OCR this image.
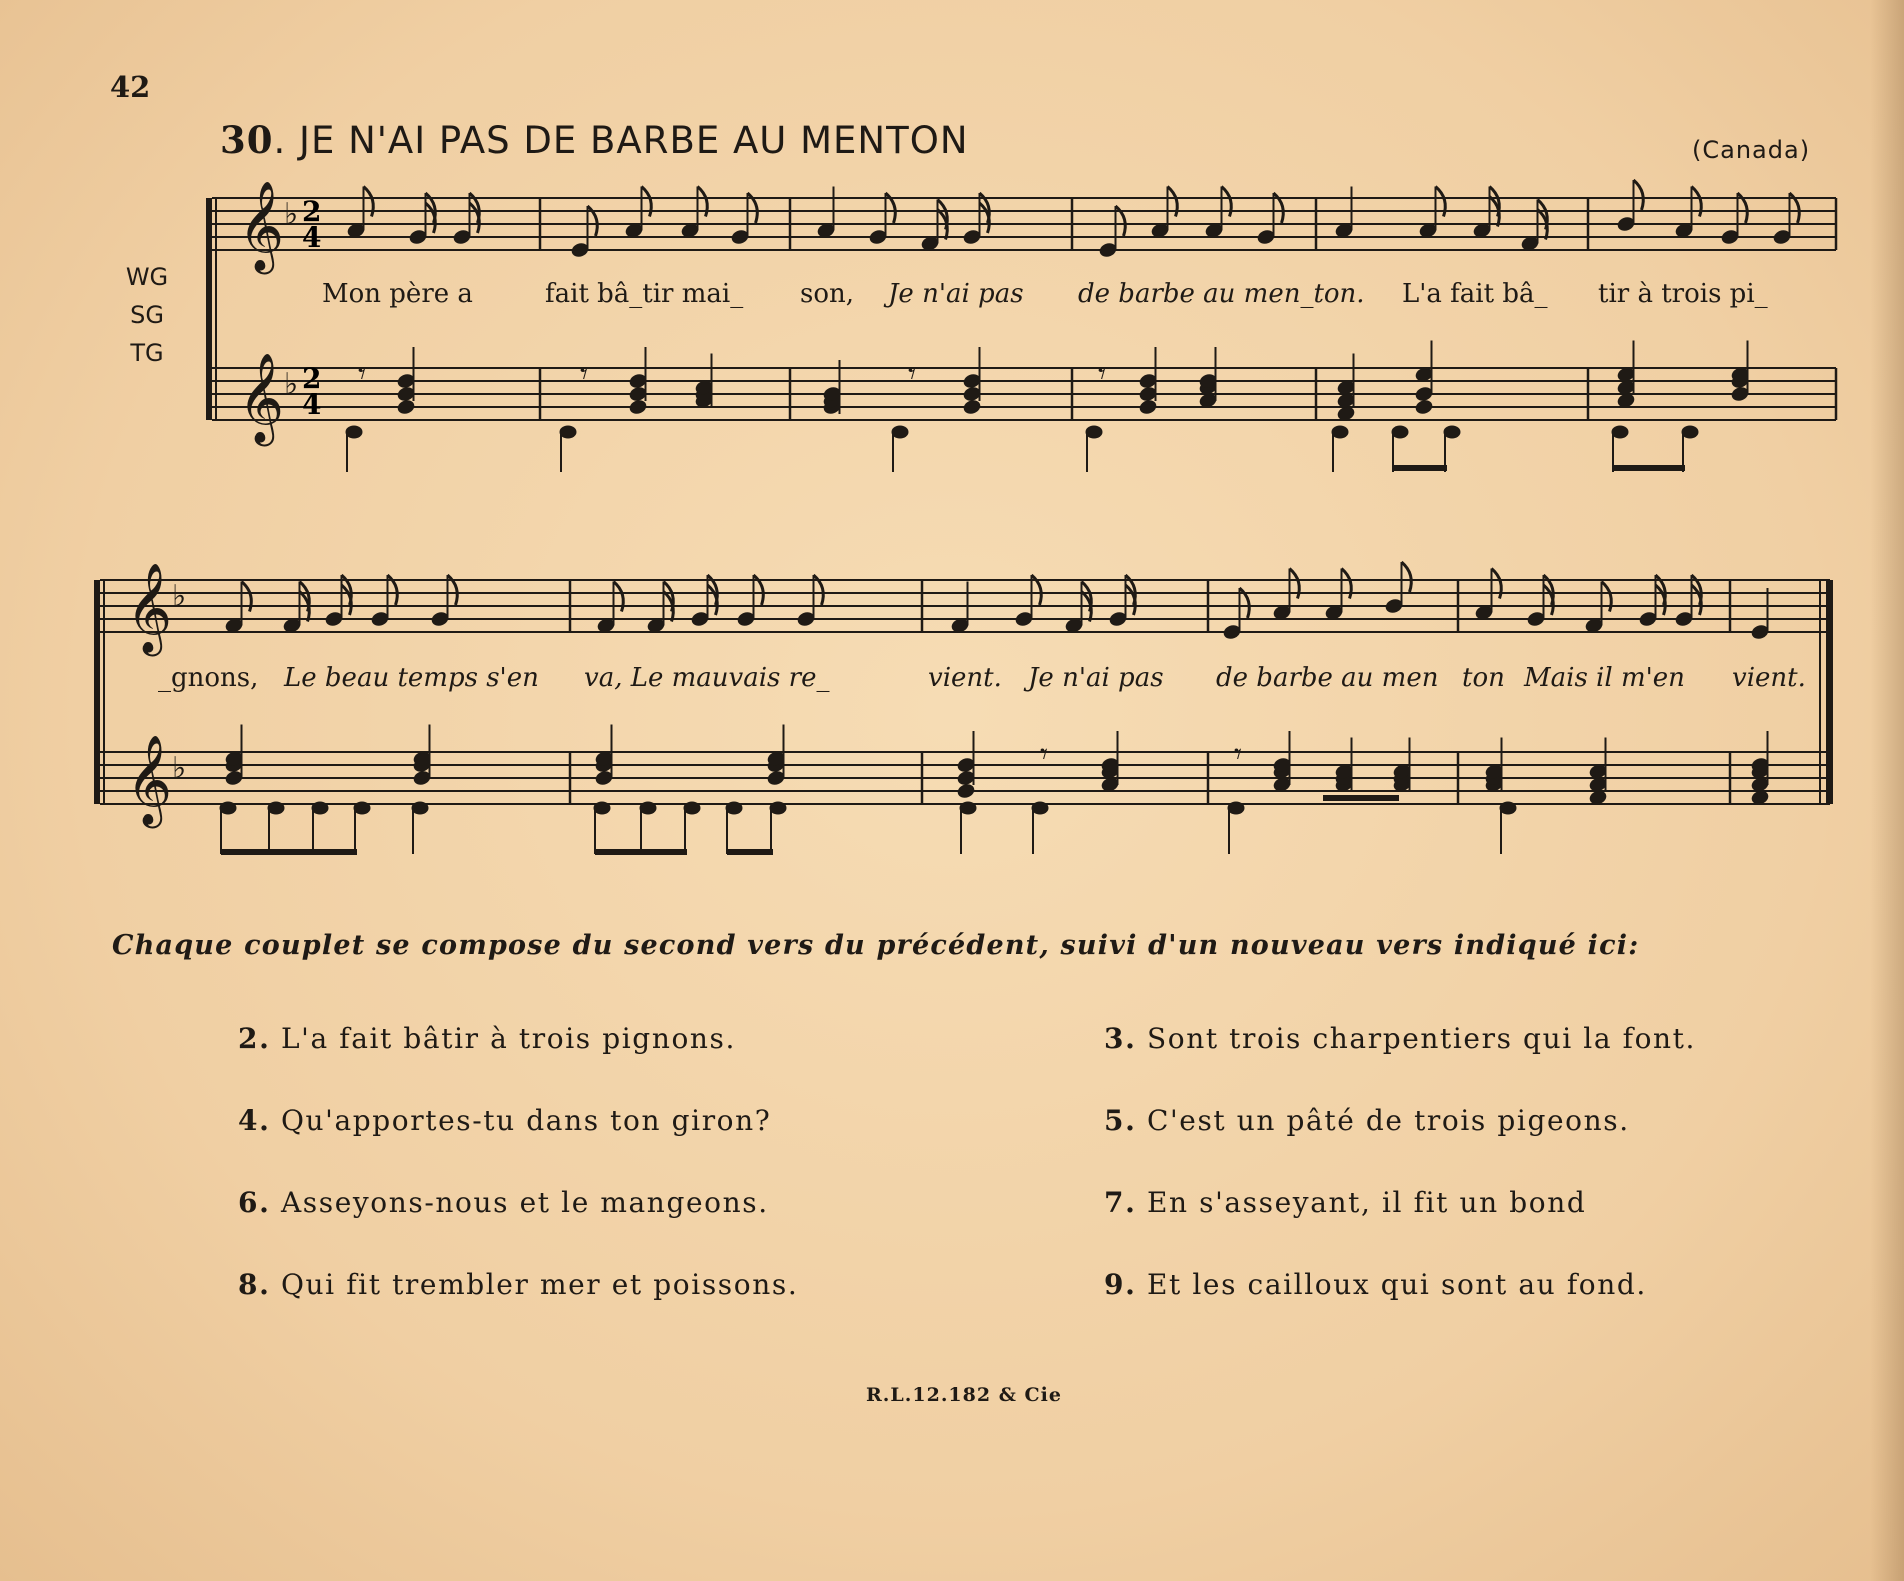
42
30. JE N'AI PAS DE BARBE AU MENTON	(Canada)
WG
SG
TG
𝄞
𝄞
𝄞
𝄞
♭
♭
♭
♭
𝄾	𝄾	𝄾	𝄾
𝄾	𝄾
2
4
2
4
Mon père a	fait bâ_tir mai_ son, Je n'ai pas de barbe au men_ton. L'a fait bâ_ tir à trois pi_
_gnons, Le beau temps s'en va, Le mauvais re_	vient. Je n'ai pas de barbe au men ton Mais il m'en vient.
Chaque couplet se compose du second vers du précédent, suivi d'un nouveau vers indiqué ici:
2. L'a fait bâtir à trois pignons.	3. Sont trois charpentiers qui la font.
4. Qu'apportes-tu dans ton giron?	5. C'est un pâté de trois pigeons.
6. Asseyons-nous et le mangeons.	7. En s'asseyant, il fit un bond
8. Qui fit trembler mer et poissons.	9. Et les cailloux qui sont au fond.
R.L.12.182 & Cie
